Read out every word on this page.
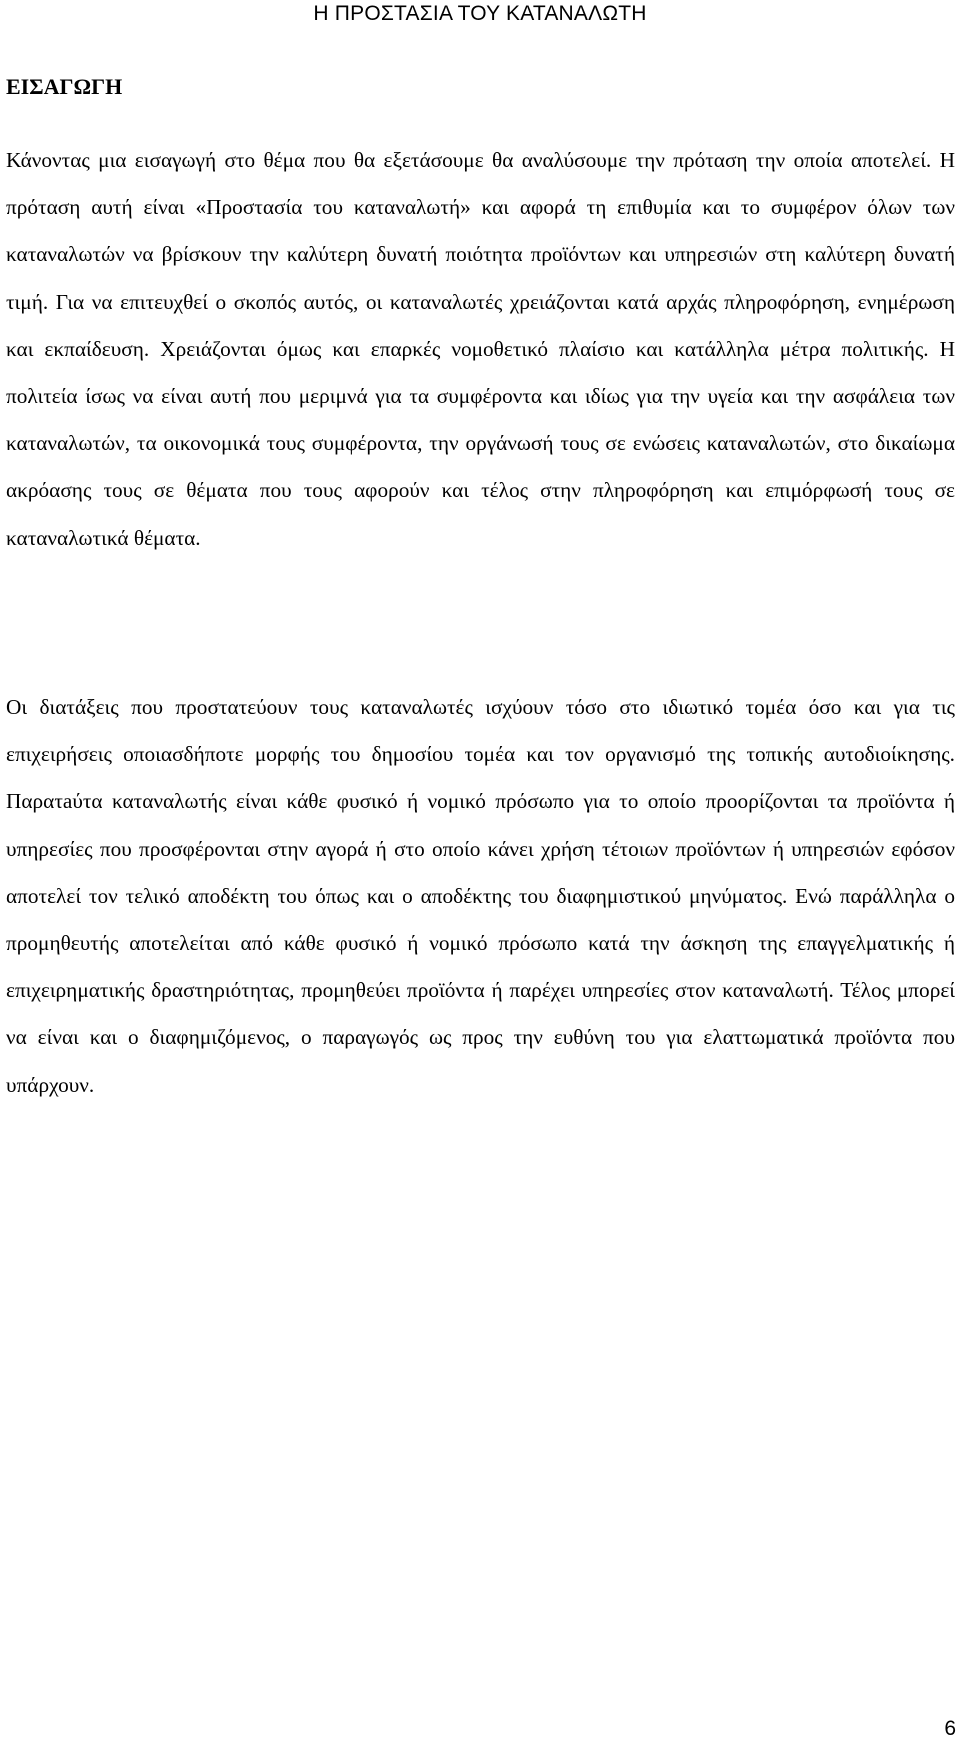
Η ΠΡΟΣΤΑΣΙΑ ΤΟΥ ΚΑΤΑΝΑΛΩΤΗ
ΕΙΣΑΓΩΓΗ

Κάνοντας μια εισαγωγή στο θέμα που θα εξετάσουμε θα αναλύσουμε την πρόταση την οποία αποτελεί. Η πρόταση αυτή είναι «Προστασία του καταναλωτή» και αφορά τη επιθυμία και το συμφέρον όλων των καταναλωτών να βρίσκουν την καλύτερη δυνατή ποιότητα προϊόντων και υπηρεσιών στη καλύτερη δυνατή τιμή. Για να επιτευχθεί ο σκοπός αυτός, οι καταναλωτές χρειάζονται κατά αρχάς πληροφόρηση, ενημέρωση και εκπαίδευση. Χρειάζονται όμως και επαρκές νομοθετικό πλαίσιο και κατάλληλα μέτρα πολιτικής. Η πολιτεία ίσως να είναι αυτή που μεριμνά για τα συμφέροντα και ιδίως για την υγεία και την ασφάλεια των καταναλωτών, τα οικονομικά τους συμφέροντα, την οργάνωσή τους σε ενώσεις καταναλωτών, στο δικαίωμα ακρόασης τους σε θέματα που τους αφορούν και τέλος στην πληροφόρηση και επιμόρφωσή τους σε καταναλωτικά θέματα.

Οι διατάξεις που προστατεύουν τους καταναλωτές ισχύουν τόσο στο ιδιωτικό τομέα όσο και για τις επιχειρήσεις οποιασδήποτε μορφής του δημοσίου τομέα και τον οργανισμό της τοπικής αυτοδιοίκησης. Παρατaύτα καταναλωτής είναι κάθε φυσικό ή νομικό πρόσωπο για το οποίο προορίζονται τα προϊόντα ή υπηρεσίες που προσφέρονται στην αγορά ή στο οποίο κάνει χρήση τέτοιων προϊόντων ή υπηρεσιών εφόσον αποτελεί τον τελικό αποδέκτη του όπως και ο αποδέκτης του διαφημιστικού μηνύματος. Ενώ παράλληλα ο προμηθευτής αποτελείται από κάθε φυσικό ή νομικό πρόσωπο κατά την άσκηση της επαγγελματικής ή επιχειρηματικής δραστηριότητας, προμηθεύει προϊόντα ή παρέχει υπηρεσίες στον καταναλωτή. Τέλος μπορεί να είναι και ο διαφημιζόμενος, ο παραγωγός ως προς την ευθύνη του για ελαττωματικά προϊόντα που υπάρχουν.

6
